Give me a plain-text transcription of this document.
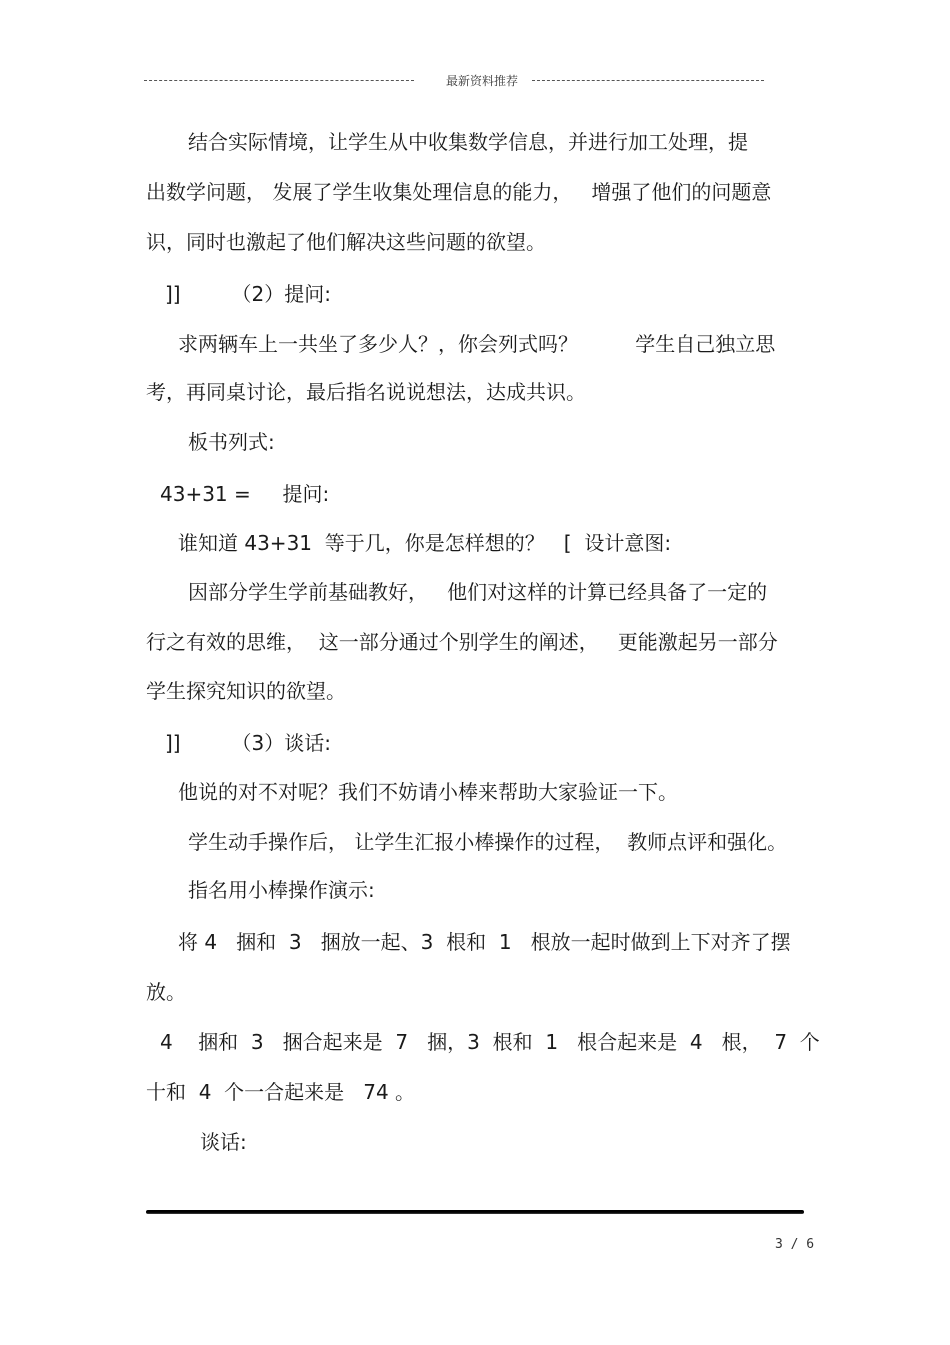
最新资料推荐
结合实际情境，让学生从中收集数学信息，并进行加工处理，提
出数学问题， 发展了学生收集处理信息的能力，   增强了他们的问题意
识，同时也激起了他们解决这些问题的欲望。
]]        （2）提问:
求两辆车上一共坐了多少人？，你会列式吗？         学生自己独立思
考，再同桌讨论，最后指名说说想法，达成共识。
板书列式:
43+31 =     提问:
谁知道 43+31  等于几，你是怎样想的？   [  设计意图:
因部分学生学前基础教好，   他们对这样的计算已经具备了一定的
行之有效的思维，  这一部分通过个别学生的阐述，   更能激起另一部分
学生探究知识的欲望。
]]        （3）谈话:
他说的对不对呢？我们不妨请小棒来帮助大家验证一下。
学生动手操作后， 让学生汇报小棒操作的过程，  教师点评和强化。
指名用小棒操作演示:
将 4   捆和  3   捆放一起、3  根和  1   根放一起时做到上下对齐了摆
放。
4    捆和  3   捆合起来是  7   捆，3  根和  1   根合起来是  4   根，  7  个
十和  4  个一合起来是   74 。
谈话:
3 / 6
